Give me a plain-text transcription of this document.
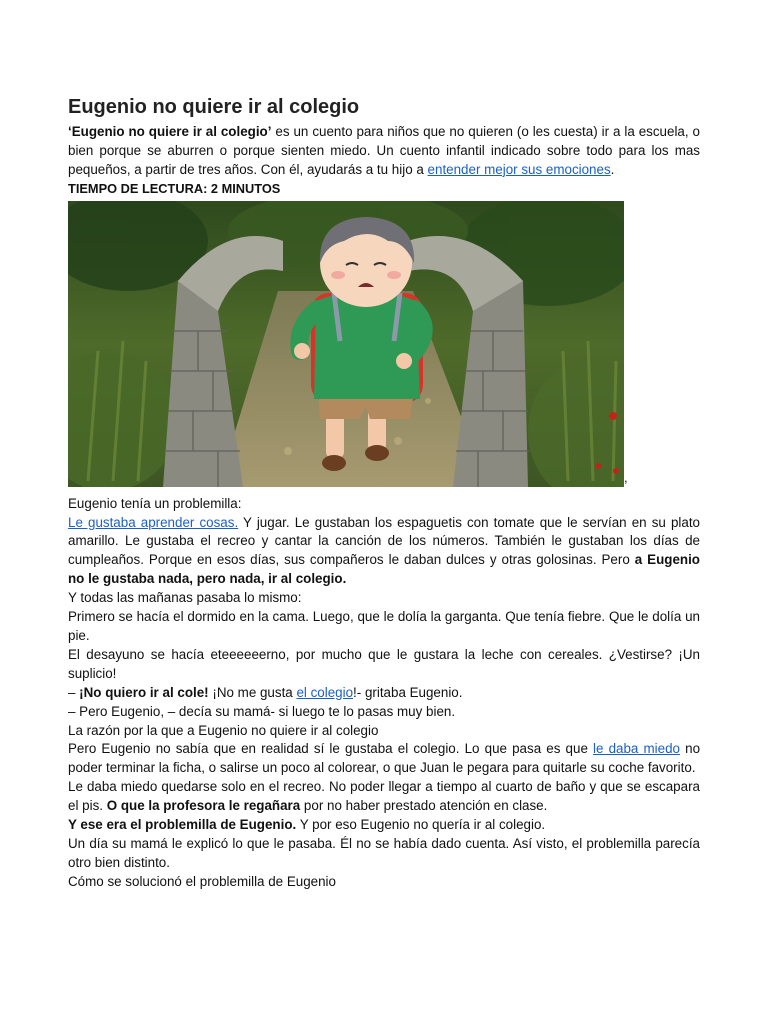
Eugenio no quiere ir al colegio

‘Eugenio no quiere ir al colegio’ es un cuento para niños que no quieren (o les cuesta) ir a la escuela, o bien porque se aburren o porque sienten miedo. Un cuento infantil indicado sobre todo para los mas pequeños, a partir de tres años. Con él, ayudarás a tu hijo a entender mejor sus emociones.

TIEMPO DE LECTURA: 2 MINUTOS

,

Eugenio tenía un problemilla:

Le gustaba aprender cosas. Y jugar. Le gustaban los espaguetis con tomate que le servían en su plato amarillo. Le gustaba el recreo y cantar la canción de los números. También le gustaban los días de cumpleaños. Porque en esos días, sus compañeros le daban dulces y otras golosinas. Pero a Eugenio no le gustaba nada, pero nada, ir al colegio.

Y todas las mañanas pasaba lo mismo:

Primero se hacía el dormido en la cama. Luego, que le dolía la garganta. Que tenía fiebre. Que le dolía un pie.

El desayuno se hacía eteeeeeerno, por mucho que le gustara la leche con cereales. ¿Vestirse? ¡Un suplicio!

– ¡No quiero ir al cole! ¡No me gusta el colegio!- gritaba Eugenio.

– Pero Eugenio, – decía su mamá- si luego te lo pasas muy bien.

La razón por la que a Eugenio no quiere ir al colegio

Pero Eugenio no sabía que en realidad sí le gustaba el colegio. Lo que pasa es que le daba miedo no poder terminar la ficha, o salirse un poco al colorear, o que Juan le pegara para quitarle su coche favorito.

Le daba miedo quedarse solo en el recreo. No poder llegar a tiempo al cuarto de baño y que se escapara el pis. O que la profesora le regañara por no haber prestado atención en clase.

Y ese era el problemilla de Eugenio. Y por eso Eugenio no quería ir al colegio.

Un día su mamá le explicó lo que le pasaba. Él no se había dado cuenta. Así visto, el problemilla parecía otro bien distinto.

Cómo se solucionó el problemilla de Eugenio
